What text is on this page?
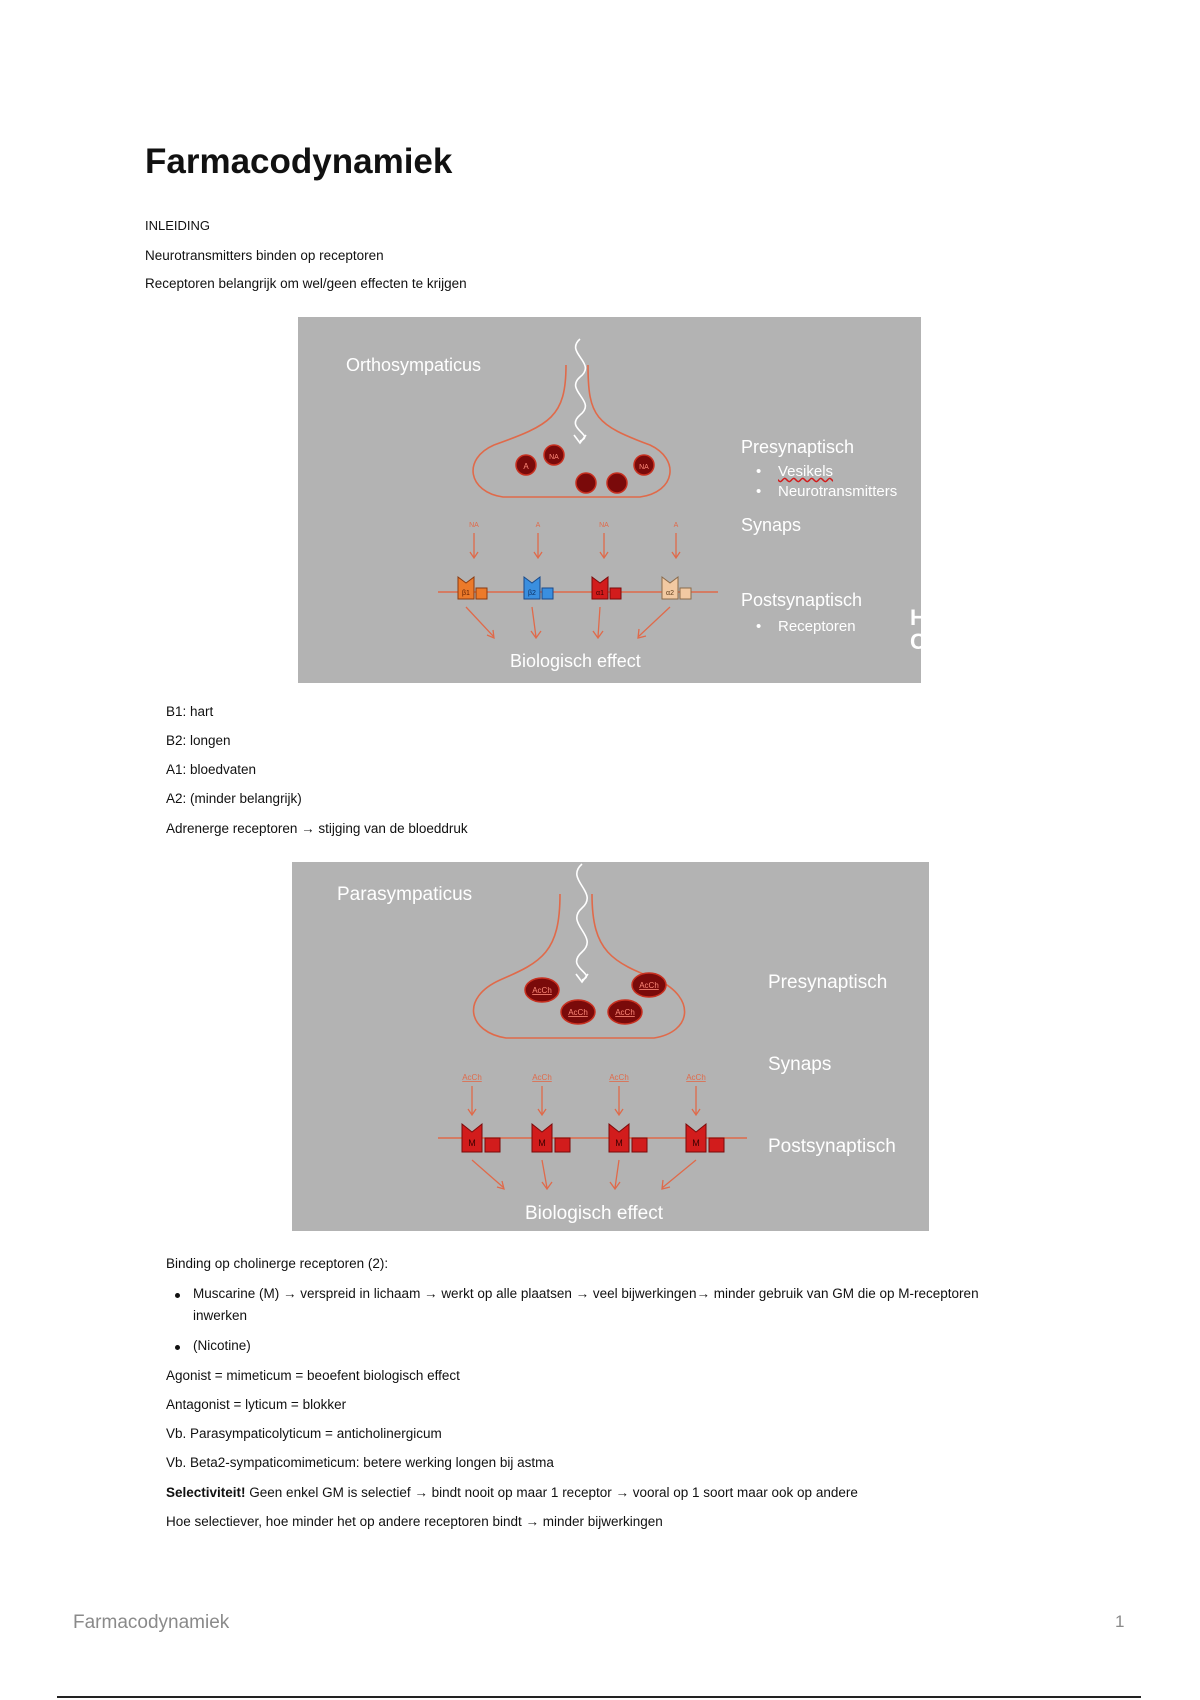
Farmacodynamiek
INLEIDING
Neurotransmitters binden op receptoren
Receptoren belangrijk om wel/geen effecten te krijgen
A
NA
NA
NA	A	NA	A
β1	β2	α1	α2
Orthosympaticus
Presynaptisch
• Vesikels
• Neurotransmitters
Synaps
Postsynaptisch
• Receptoren
Biologisch effect
H
C
B1: hart
B2: longen
A1: bloedvaten
A2: (minder belangrijk)
Adrenerge receptoren → stijging van de bloeddruk
AcCh
AcCh	AcCh
AcCh
AcCh	AcCh	AcCh	AcCh
M	M	M	M
Parasympaticus
Presynaptisch
Synaps
Postsynaptisch
Biologisch effect
Binding op cholinerge receptoren (2):
Muscarine (M) → verspreid in lichaam → werkt op alle plaatsen → veel bijwerkingen→ minder gebruik van GM die op M-receptoren
inwerken
(Nicotine)
Agonist = mimeticum = beoefent biologisch effect
Antagonist = lyticum = blokker
Vb. Parasympaticolyticum = anticholinergicum
Vb. Beta2-sympaticomimeticum: betere werking longen bij astma
Selectiviteit! Geen enkel GM is selectief → bindt nooit op maar 1 receptor → vooral op 1 soort maar ook op andere
Hoe selectiever, hoe minder het op andere receptoren bindt → minder bijwerkingen
Farmacodynamiek	1
